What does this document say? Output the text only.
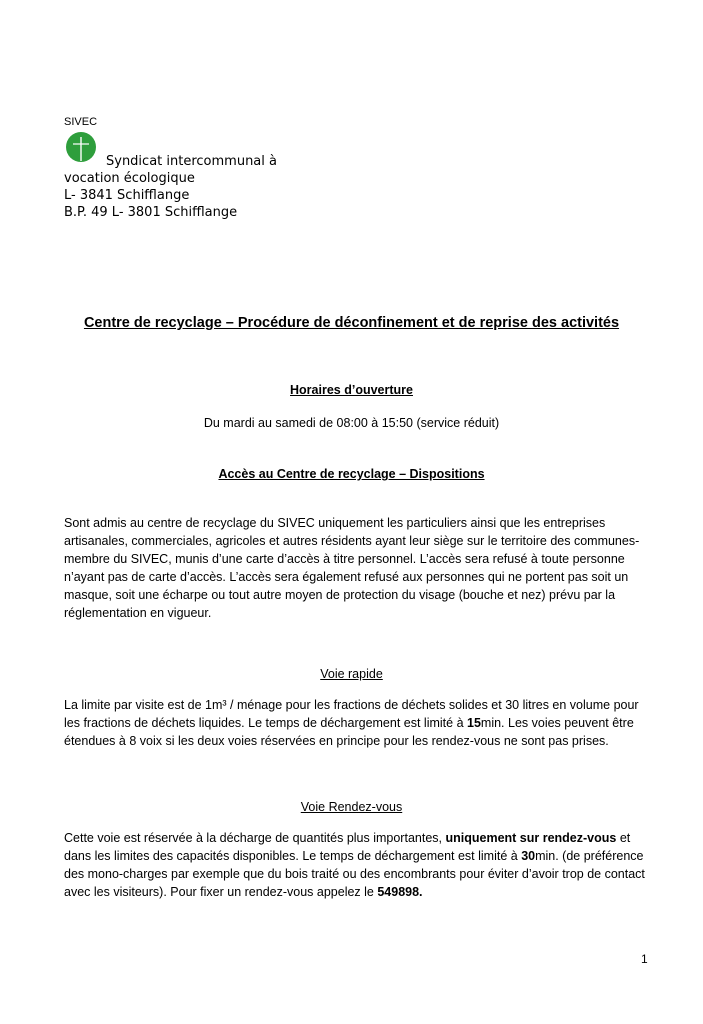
SIVEC
Syndicat intercommunal à
vocation écologique
L- 3841 Schifflange
B.P. 49 L- 3801 Schifflange
Centre de recyclage – Procédure de déconfinement et de reprise des activités
Horaires d’ouverture
Du mardi au samedi de 08:00 à 15:50 (service réduit)
Accès au Centre de recyclage – Dispositions
Sont admis au centre de recyclage du SIVEC uniquement les particuliers ainsi que les entreprises artisanales, commerciales, agricoles et autres résidents ayant leur siège sur le territoire des communes- membre du SIVEC, munis d’une carte d’accès à titre personnel. L’accès sera refusé à toute personne n’ayant pas de carte d’accès. L’accès sera également refusé aux personnes qui ne portent pas soit un masque, soit une écharpe ou tout autre moyen de protection du visage (bouche et nez) prévu par la réglementation en vigueur.
Voie rapide
La limite par visite est de 1m³ / ménage pour les fractions de déchets solides et 30 litres en volume pour les fractions de déchets liquides. Le temps de déchargement est limité à 15min. Les voies peuvent être étendues à 8 voix si les deux voies réservées en principe pour les rendez-vous ne sont pas prises.
Voie Rendez-vous
Cette voie est réservée à la décharge de quantités plus importantes, uniquement sur rendez-vous et dans les limites des capacités disponibles. Le temps de déchargement est limité à 30min. (de préférence des mono-charges par exemple que du bois traité ou des encombrants pour éviter d’avoir trop de contact avec les visiteurs). Pour fixer un rendez-vous appelez le 549898.
1
